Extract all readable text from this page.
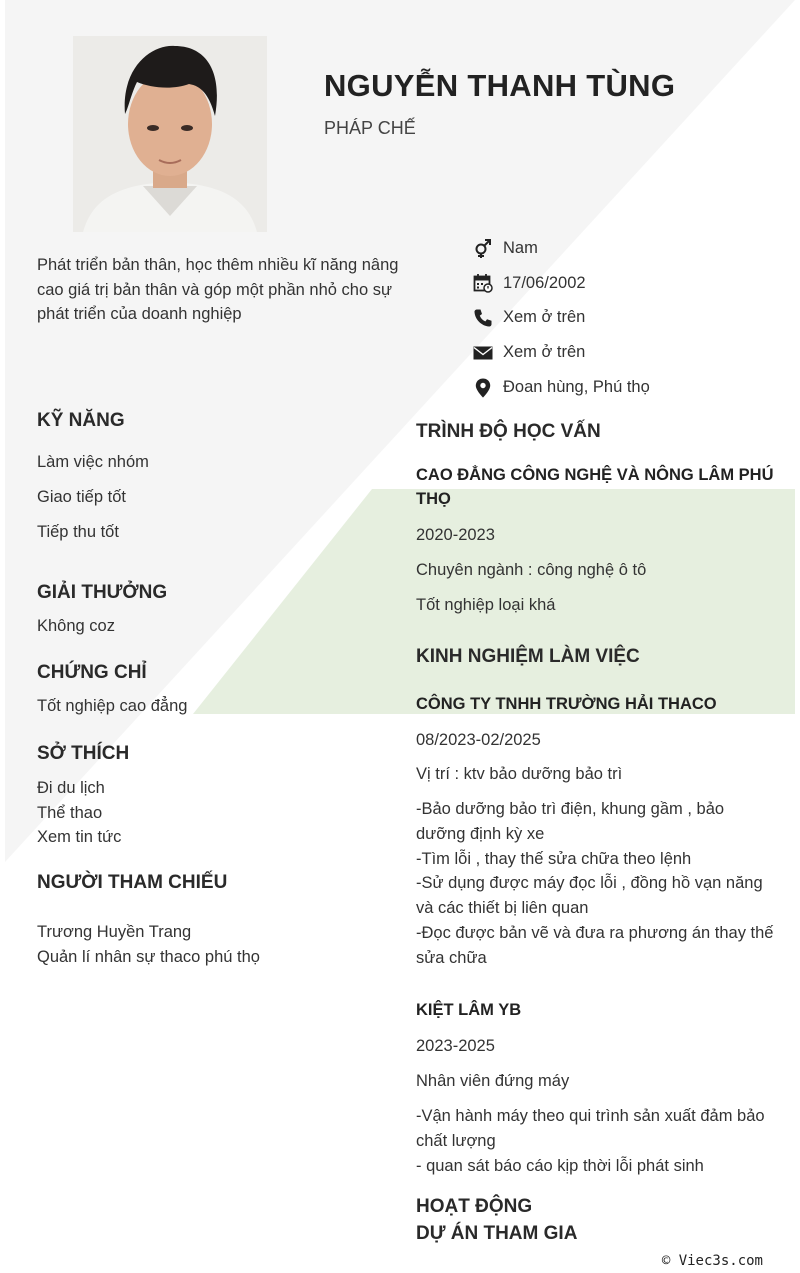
NGUYỄN THANH TÙNG
PHÁP CHẾ
Phát triển bản thân, học thêm nhiều kĩ năng nâng cao giá trị bản thân và góp một phần nhỏ cho sự phát triển của doanh nghiệp
Nam
17/06/2002
Xem ở trên
Xem ở trên
Đoan hùng, Phú thọ
KỸ NĂNG
Làm việc nhóm
Giao tiếp tốt
Tiếp thu tốt
GIẢI THƯỞNG
Không coz
CHỨNG CHỈ
Tốt nghiệp cao đẳng
SỞ THÍCH
Đi du lịch
Thể thao
Xem tin tức
NGƯỜI THAM CHIẾU
Trương Huyền Trang
Quản lí nhân sự thaco phú thọ
TRÌNH ĐỘ HỌC VẤN
CAO ĐẲNG CÔNG NGHỆ VÀ NÔNG LÂM PHÚ THỌ
2020-2023
Chuyên ngành : công nghệ ô tô
Tốt nghiệp loại khá
KINH NGHIỆM LÀM VIỆC
CÔNG TY TNHH TRƯỜNG HẢI THACO
08/2023-02/2025
Vị trí : ktv bảo dưỡng bảo trì
-Bảo dưỡng bảo trì điện, khung gầm , bảo dưỡng định kỳ xe
-Tìm lỗi , thay thế sửa chữa theo lệnh
-Sử dụng được máy đọc lỗi , đồng hồ vạn năng và các thiết bị liên quan
-Đọc được bản vẽ và đưa ra phương án thay thế sửa chữa
KIỆT LÂM YB
2023-2025
Nhân viên đứng máy
-Vận hành máy theo qui trình sản xuất đảm bảo chất lượng
- quan sát báo cáo kịp thời lỗi phát sinh
HOẠT ĐỘNG
DỰ ÁN THAM GIA
© Viec3s.com
